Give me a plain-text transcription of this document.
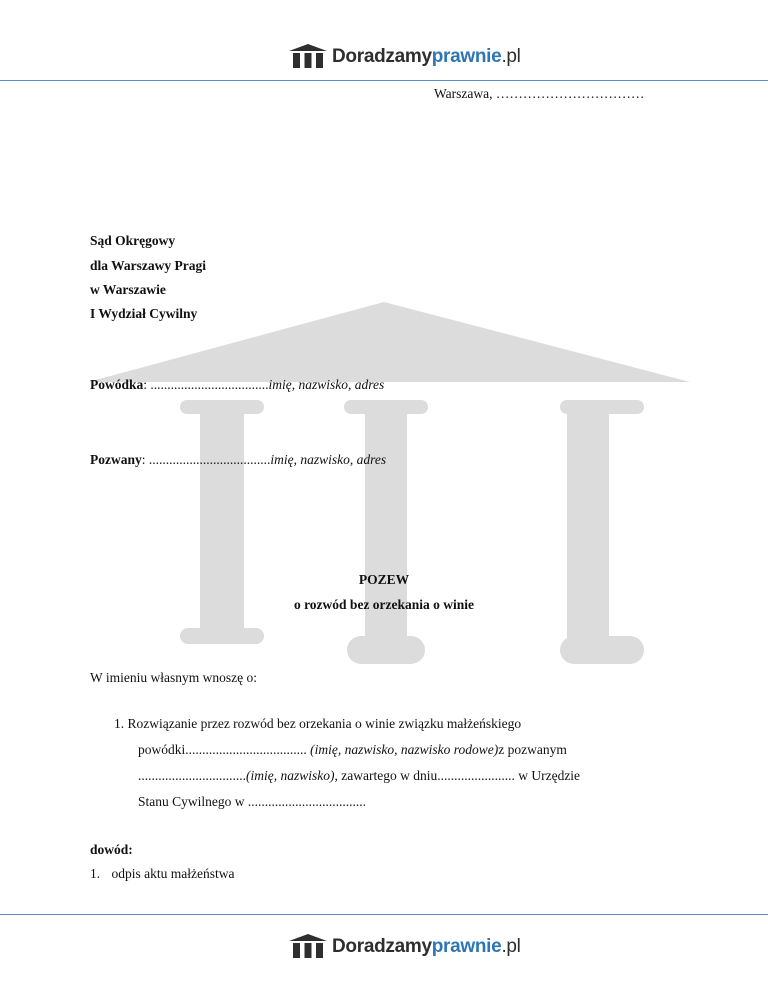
Doradzamyprawnie.pl
Warszawa, ……………………………
Sąd Okręgowy
dla Warszawy Pragi
w Warszawie
I Wydział Cywilny
Powódka: ...................................imię, nazwisko, adres
Pozwany: ....................................imię, nazwisko, adres
POZEW
o rozwód bez orzekania o winie
W imieniu własnym wnoszę o:
1. Rozwiązanie przez rozwód bez orzekania o winie związku małżeńskiego
powódki.................................... (imię, nazwisko, nazwisko rodowe)z pozwanym
................................(imię, nazwisko), zawartego w dniu....................... w Urzędzie
Stanu Cywilnego w ...................................
dowód:
1. odpis aktu małżeństwa
Doradzamyprawnie.pl
